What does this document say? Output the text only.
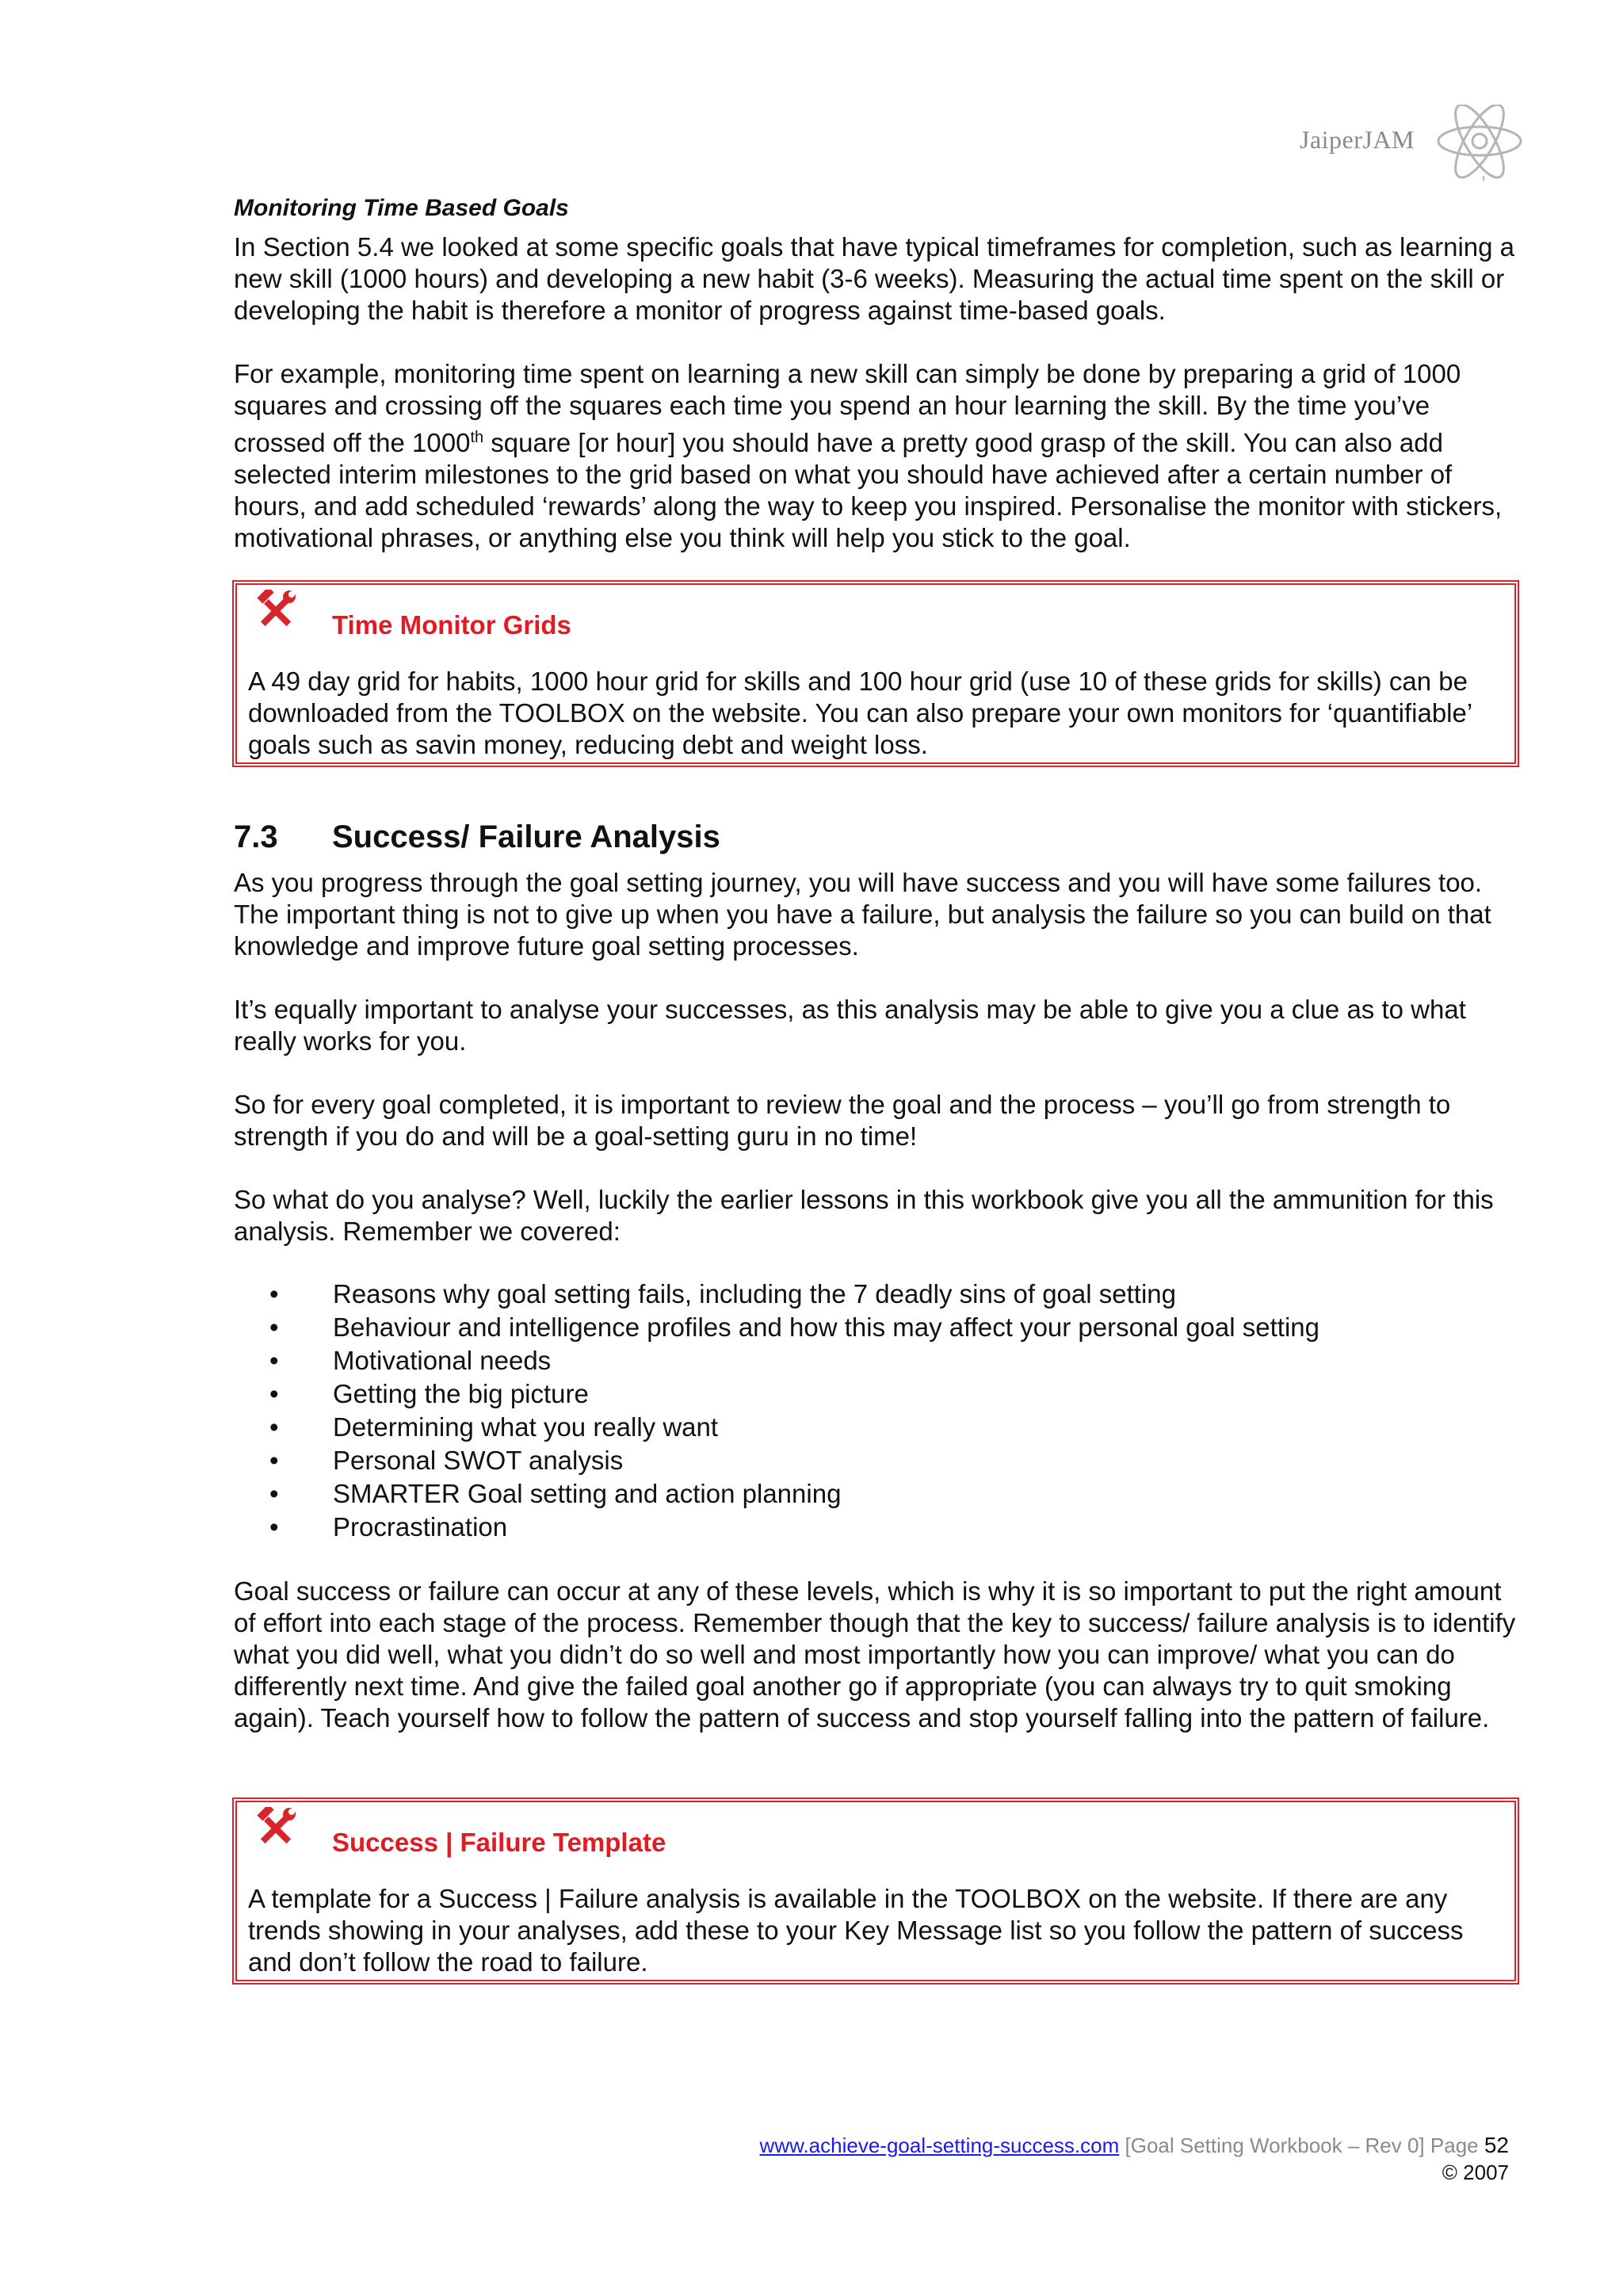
JaiperJAM
Monitoring Time Based Goals

In Section 5.4 we looked at some specific goals that have typical timeframes for completion, such as learning a new skill (1000 hours) and developing a new habit (3-6 weeks). Measuring the actual time spent on the skill or developing the habit is therefore a monitor of progress against time-based goals.

For example, monitoring time spent on learning a new skill can simply be done by preparing a grid of 1000 squares and crossing off the squares each time you spend an hour learning the skill. By the time you’ve crossed off the 1000th square [or hour] you should have a pretty good grasp of the skill. You can also add selected interim milestones to the grid based on what you should have achieved after a certain number of hours, and add scheduled ‘rewards’ along the way to keep you inspired. Personalise the monitor with stickers, motivational phrases, or anything else you think will help you stick to the goal.

Time Monitor Grids
A 49 day grid for habits, 1000 hour grid for skills and 100 hour grid (use 10 of these grids for skills) can be downloaded from the TOOLBOX on the website. You can also prepare your own monitors for ‘quantifiable’ goals such as savin money, reducing debt and weight loss.
7.3 Success/ Failure Analysis

As you progress through the goal setting journey, you will have success and you will have some failures too. The important thing is not to give up when you have a failure, but analysis the failure so you can build on that knowledge and improve future goal setting processes.

It’s equally important to analyse your successes, as this analysis may be able to give you a clue as to what really works for you.

So for every goal completed, it is important to review the goal and the process – you’ll go from strength to strength if you do and will be a goal-setting guru in no time!

So what do you analyse? Well, luckily the earlier lessons in this workbook give you all the ammunition for this analysis. Remember we covered:

• Reasons why goal setting fails, including the 7 deadly sins of goal setting
• Behaviour and intelligence profiles and how this may affect your personal goal setting
• Motivational needs
• Getting the big picture
• Determining what you really want
• Personal SWOT analysis
• SMARTER Goal setting and action planning
• Procrastination

Goal success or failure can occur at any of these levels, which is why it is so important to put the right amount of effort into each stage of the process. Remember though that the key to success/ failure analysis is to identify what you did well, what you didn’t do so well and most importantly how you can improve/ what you can do differently next time. And give the failed goal another go if appropriate (you can always try to quit smoking again). Teach yourself how to follow the pattern of success and stop yourself falling into the pattern of failure.

Success | Failure Template
A template for a Success | Failure analysis is available in the TOOLBOX on the website. If there are any trends showing in your analyses, add these to your Key Message list so you follow the pattern of success and don’t follow the road to failure.
www.achieve-goal-setting-success.com [Goal Setting Workbook – Rev 0] Page 52
© 2007
